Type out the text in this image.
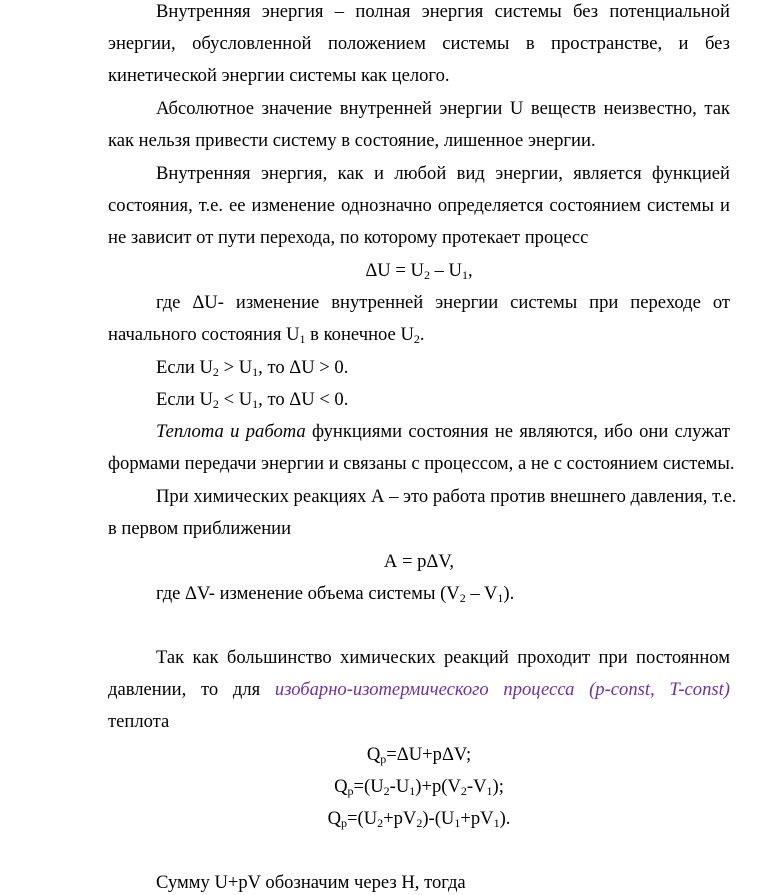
Внутренняя энергия – полная энергия системы без потенциальной
энергии, обусловленной положением системы в пространстве, и без
кинетической энергии системы как целого.
Абсолютное значение внутренней энергии U веществ неизвестно, так
как нельзя привести систему в состояние, лишенное энергии.
Внутренняя энергия, как и любой вид энергии, является функцией
состояния, т.е. ее изменение однозначно определяется состоянием системы и
не зависит от пути перехода, по которому протекает процесс
$\Delta U = U_2 - U_1$,
где ΔU- изменение внутренней энергии системы при переходе от
начального состояния $U_1$ в конечное $U_2$.
Если $U_2 > U_1$, то ΔU > 0.
Если $U_2 < U_1$, то ΔU < 0.
Теплота и работа функциями состояния не являются, ибо они служат
формами передачи энергии и связаны с процессом, а не с состоянием системы.
При химических реакциях А – это работа против внешнего давления, т.е.
в первом приближении
А = pΔV,
где ΔV- изменение объема системы $(V_2 - V_1)$.
Так как большинство химических реакций проходит при постоянном
давлении, то для изобарно-изотермического процесса (p-const, T-const)
теплота
$Q_p=\Delta U+p\Delta V$;
$Q_p=(U_2-U_1)+p(V_2-V_1)$;
$Q_p=(U_2+pV_2)-(U_1+pV_1)$.
Сумму U+pV обозначим через Н, тогда
